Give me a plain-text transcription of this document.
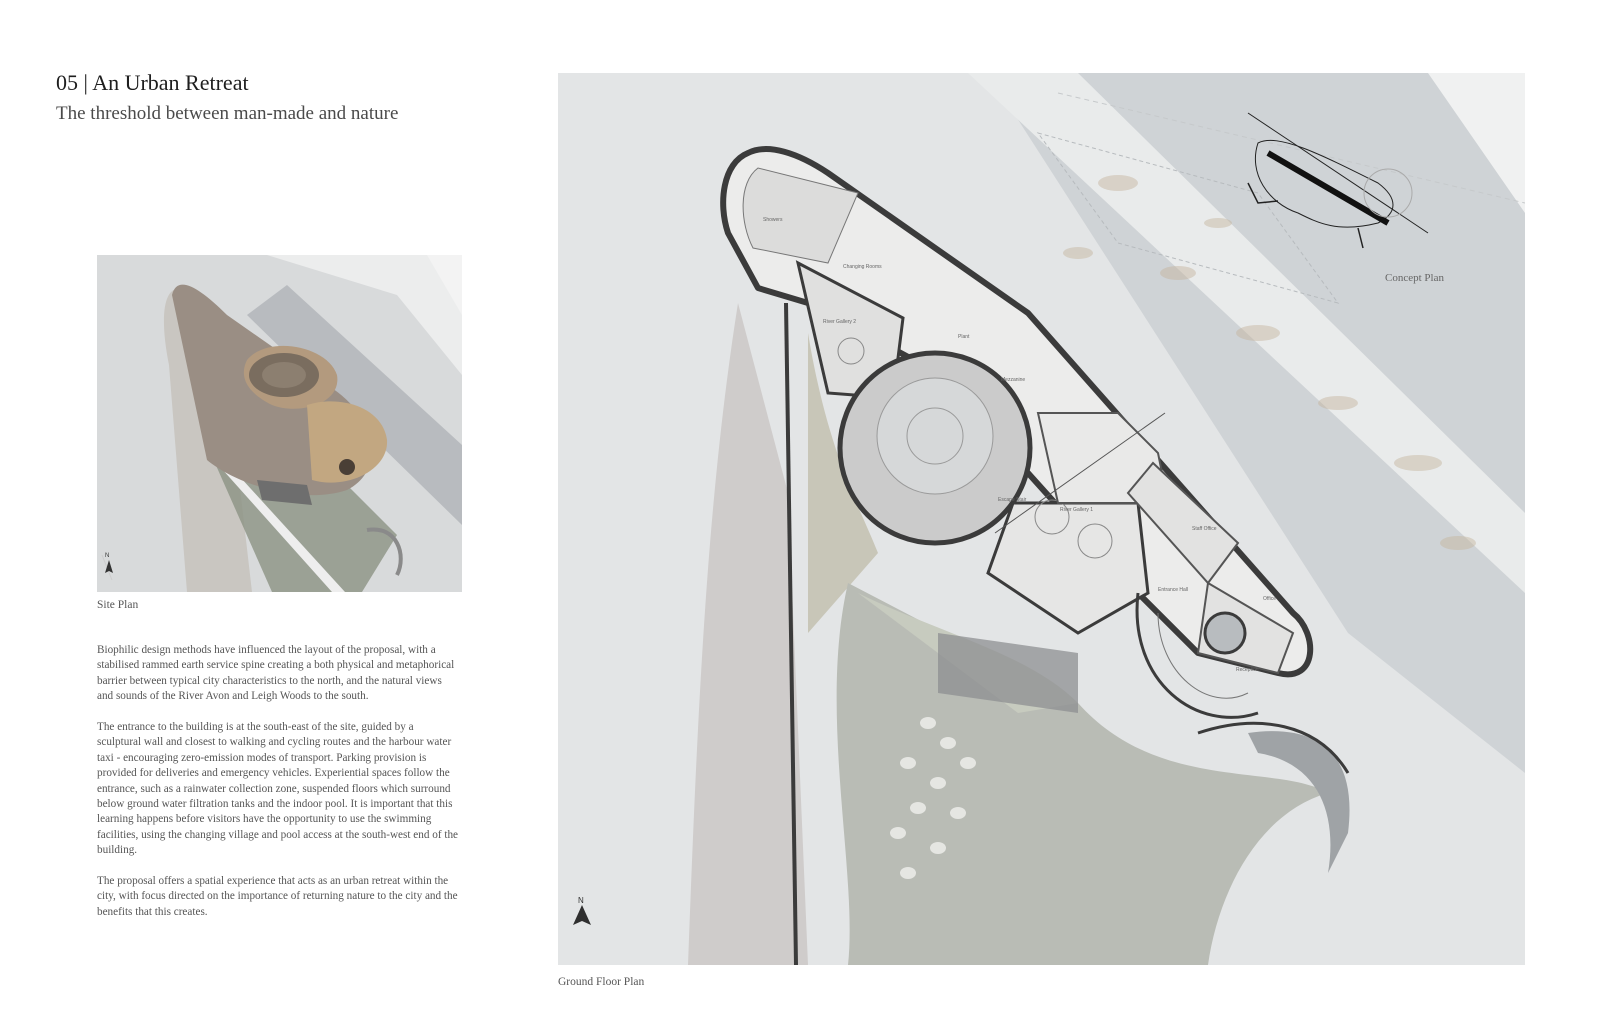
05 | An Urban Retreat
The threshold between man-made and nature
N
Site Plan

Biophilic design methods have influenced the layout of the proposal, with a stabilised rammed earth service spine creating a both physical and metaphorical barrier between typical city characteristics to the north, and the natural views and sounds of the River Avon and Leigh Woods to the south.

The entrance to the building is at the south-east of the site, guided by a sculptural wall and closest to walking and cycling routes and the harbour water taxi - encouraging zero-emission modes of transport. Parking provision is provided for deliveries and emergency vehicles. Experiential spaces follow the entrance, such as a rainwater collection zone, suspended floors which surround below ground water filtration tanks and the indoor pool. It is important that this learning happens before visitors have the opportunity to use the swimming facilities, using the changing village and pool access at the south-west end of the building.

The proposal offers a spatial experience that acts as an urban retreat within the city, with focus directed on the importance of returning nature to the city and the benefits that this creates.

Concept Plan
Showers
Changing Rooms
River Gallery 2
Plant
Mezzanine
Escape Stair
River Gallery 1
Staff Office
Entrance Hall
Office
Reception
N
Ground Floor Plan
